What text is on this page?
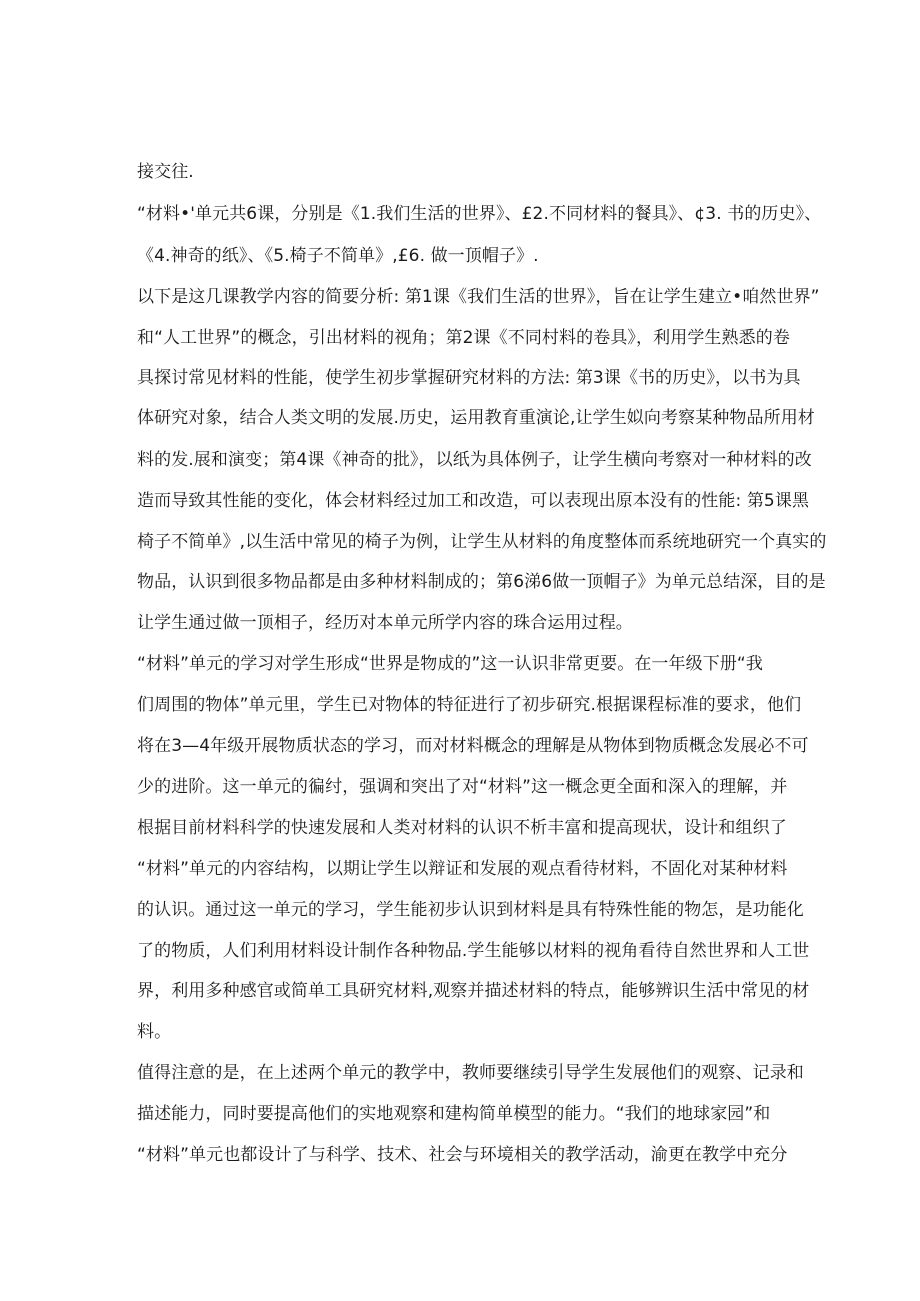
接交往.
“材料•'单元共6课，分别是《1.我们生活的世界》、£2.不同材料的餐具》、¢3. 书的历史》、
《4.神奇的纸》、《5.椅子不简单》,£6. 做一顶帽子》.
以下是这几课教学内容的简要分析: 第1课《我们生活的世界》，旨在让学生建立•咱然世界”
和“人工世界”的概念，引出材料的视角；第2课《不同村料的卷具》，利用学生熟悉的卷
具探讨常见材料的性能，使学生初步掌握研究材料的方法: 第3课《书的历史》，以书为具
体研究对象，结合人类文明的发展.历史，运用教育重演论,让学生姒向考察某种物品所用材
料的发.展和演变；第4课《神奇的批》，以纸为具体例子，让学生横向考察对一种材料的改
造而导致其性能的变化，体会材料经过加工和改造，可以表现出原本没有的性能: 第5课黑
椅子不简单》,以生活中常见的椅子为例，让学生从材料的角度整体而系统地研究一个真实的
物品，认识到很多物品都是由多种材料制成的；第6涕6做一顶帽子》为单元总结深，目的是
让学生通过做一顶相子，经历对本单元所学内容的珠合运用过程。
“材料”单元的学习对学生形成“世界是物成的”这一认识非常更要。在一年级下册“我
们周围的物体”单元里，学生已对物体的特征进行了初步研究.根据课程标准的要求，他们
将在3—4年级开展物质状态的学习，而对材料概念的理解是从物体到物质概念发展必不可
少的进阶。这一单元的徧纣，强调和突出了对“材料”这一概念更全面和深入的理解，并
根据目前材料科学的快速发展和人类对材料的认识不析丰富和提高现状，设计和组织了
“材料”单元的内容结构，以期让学生以辩证和发展的观点看待材料，不固化对某种材料
的认识。通过这一单元的学习，学生能初步认识到材料是具有特殊性能的物怎，是功能化
了的物质，人们利用材料设计制作各种物品.学生能够以材料的视角看待自然世界和人工世
界，利用多种感官或简单工具研究材料,观察并描述材料的特点，能够辨识生活中常见的材
料。
值得注意的是，在上述两个单元的教学中，教师要继续引导学生发展他们的观察、记录和
描述能力，同时要提高他们的实地观察和建构简单模型的能力。“我们的地球家园”和
“材料”单元也都设计了与科学、技术、社会与环境相关的教学活动，渝更在教学中充分
